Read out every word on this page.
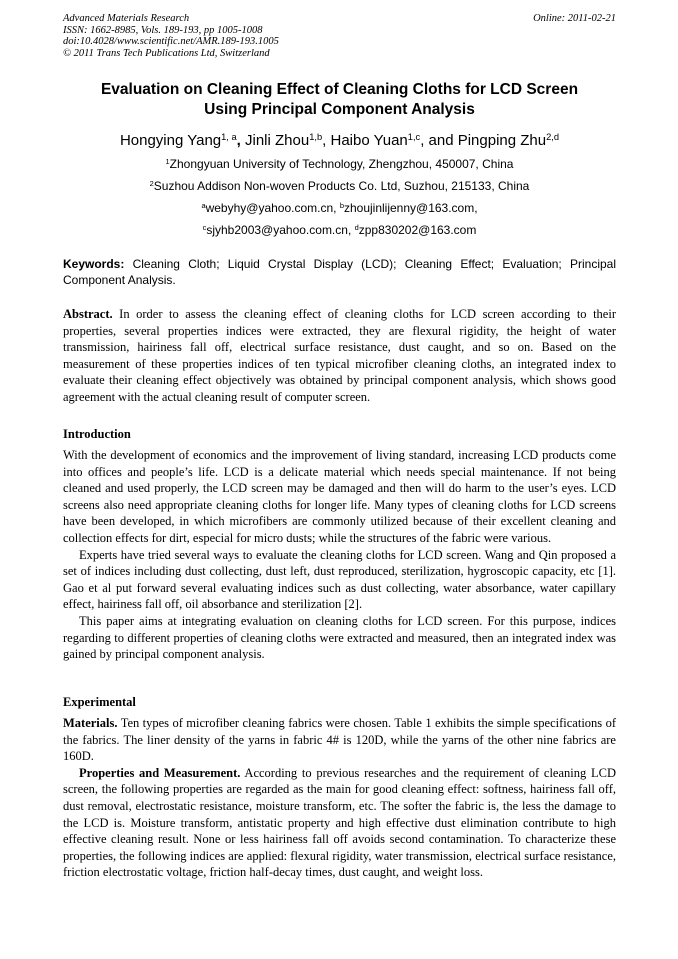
Advanced Materials Research
ISSN: 1662-8985, Vols. 189-193, pp 1005-1008
doi:10.4028/www.scientific.net/AMR.189-193.1005
© 2011 Trans Tech Publications Ltd, Switzerland
Online: 2011-02-21
Evaluation on Cleaning Effect of Cleaning Cloths for LCD Screen
Using Principal Component Analysis
Hongying Yang$^{1, a}$, Jinli Zhou$^{1,b}$, Haibo Yuan$^{1,c}$, and Pingping Zhu$^{2,d}$
$^1$Zhongyuan University of Technology, Zhengzhou, 450007, China
$^2$Suzhou Addison Non-woven Products Co. Ltd, Suzhou, 215133, China
$^a$webyhy@yahoo.com.cn, $^b$zhoujinlijenny@163.com,
$^c$sjyhb2003@yahoo.com.cn, $^d$zpp830202@163.com
Keywords: Cleaning Cloth; Liquid Crystal Display (LCD); Cleaning Effect; Evaluation; Principal Component Analysis.

Abstract. In order to assess the cleaning effect of cleaning cloths for LCD screen according to their properties, several properties indices were extracted, they are flexural rigidity, the height of water transmission, hairiness fall off, electrical surface resistance, dust caught, and so on. Based on the measurement of these properties indices of ten typical microfiber cleaning cloths, an integrated index to evaluate their cleaning effect objectively was obtained by principal component analysis, which shows good agreement with the actual cleaning result of computer screen.

Introduction

With the development of economics and the improvement of living standard, increasing LCD products come into offices and people’s life. LCD is a delicate material which needs special maintenance. If not being cleaned and used properly, the LCD screen may be damaged and then will do harm to the user’s eyes. LCD screens also need appropriate cleaning cloths for longer life. Many types of cleaning cloths for LCD screens have been developed, in which microfibers are commonly utilized because of their excellent cleaning and collection effects for dirt, especial for micro dusts; while the structures of the fabric were various.

Experts have tried several ways to evaluate the cleaning cloths for LCD screen. Wang and Qin proposed a set of indices including dust collecting, dust left, dust reproduced, sterilization, hygroscopic capacity, etc [1]. Gao et al put forward several evaluating indices such as dust collecting, water absorbance, water capillary effect, hairiness fall off, oil absorbance and sterilization [2].

This paper aims at integrating evaluation on cleaning cloths for LCD screen. For this purpose, indices regarding to different properties of cleaning cloths were extracted and measured, then an integrated index was gained by principal component analysis.

Experimental

Materials. Ten types of microfiber cleaning fabrics were chosen. Table 1 exhibits the simple specifications of the fabrics. The liner density of the yarns in fabric 4# is 120D, while the yarns of the other nine fabrics are 160D.

Properties and Measurement. According to previous researches and the requirement of cleaning LCD screen, the following properties are regarded as the main for good cleaning effect: softness, hairiness fall off, dust removal, electrostatic resistance, moisture transform, etc. The softer the fabric is, the less the damage to the LCD is. Moisture transform, antistatic property and high effective dust elimination contribute to high effective cleaning result. None or less hairiness fall off avoids second contamination. To characterize these properties, the following indices are applied: flexural rigidity, water transmission, electrical surface resistance, friction electrostatic voltage, friction half-decay times, dust caught, and weight loss.
